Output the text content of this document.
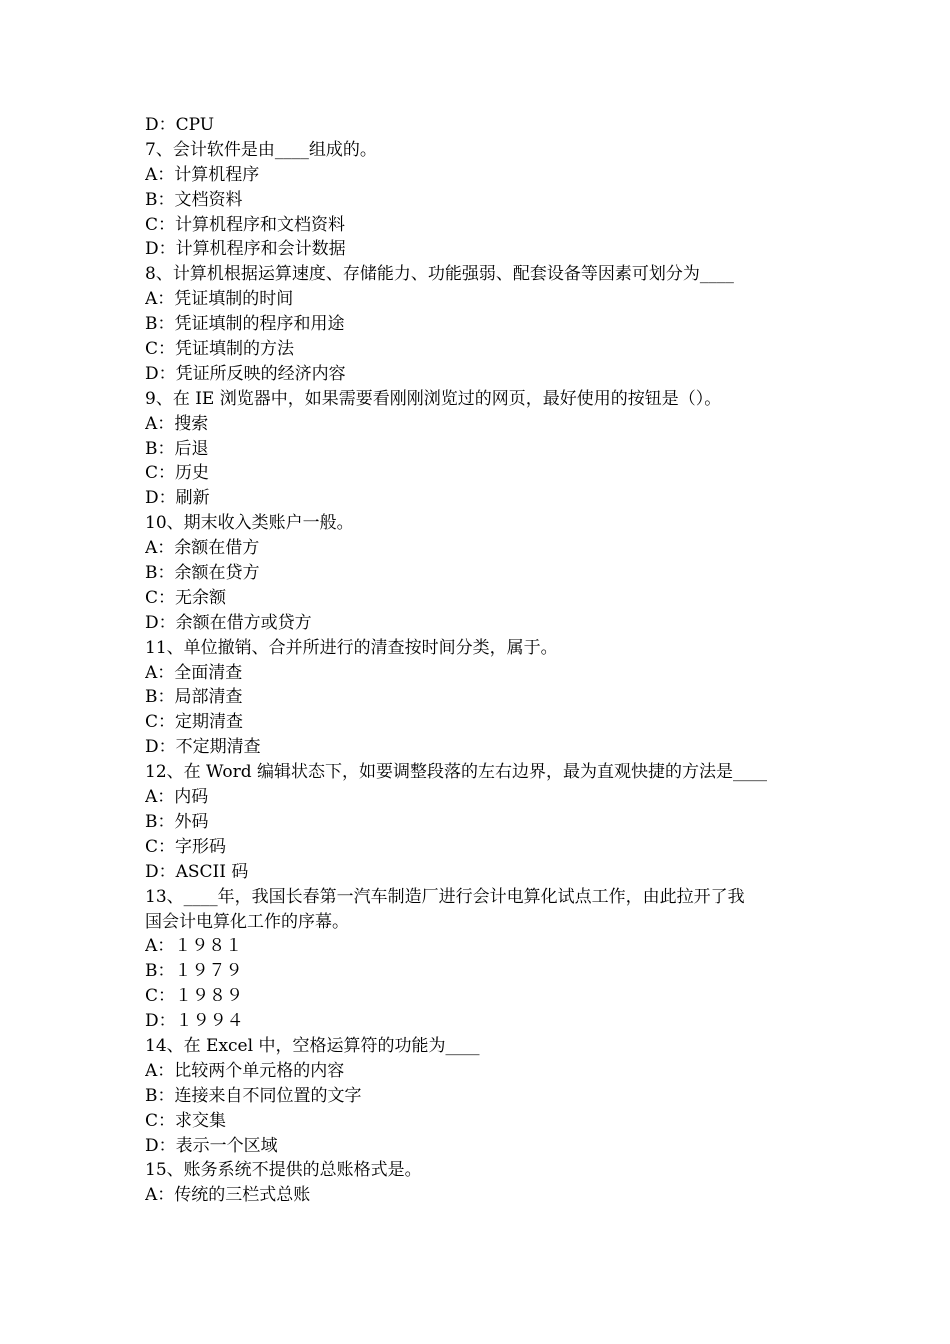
D：CPU
7、会计软件是由____组成的。
A：计算机程序
B：文档资料
C：计算机程序和文档资料
D：计算机程序和会计数据
8、计算机根据运算速度、存储能力、功能强弱、配套设备等因素可划分为____
A：凭证填制的时间
B：凭证填制的程序和用途
C：凭证填制的方法
D：凭证所反映的经济内容
9、在 IE 浏览器中，如果需要看刚刚浏览过的网页，最好使用的按钮是（）。
A：搜索
B：后退
C：历史
D：刷新
10、期末收入类账户一般。
A：余额在借方
B：余额在贷方
C：无余额
D：余额在借方或贷方
11、单位撤销、合并所进行的清查按时间分类，属于。
A：全面清查
B：局部清查
C：定期清查
D：不定期清查
12、在 Word 编辑状态下，如要调整段落的左右边界，最为直观快捷的方法是____
A：内码
B：外码
C：字形码
D：ASCII 码
13、____年，我国长春第一汽车制造厂进行会计电算化试点工作，由此拉开了我
国会计电算化工作的序幕。
A：１９８１
B：１９７９
C：１９８９
D：１９９４
14、在 Excel 中，空格运算符的功能为____
A：比较两个单元格的内容
B：连接来自不同位置的文字
C：求交集
D：表示一个区域
15、账务系统不提供的总账格式是。
A：传统的三栏式总账
